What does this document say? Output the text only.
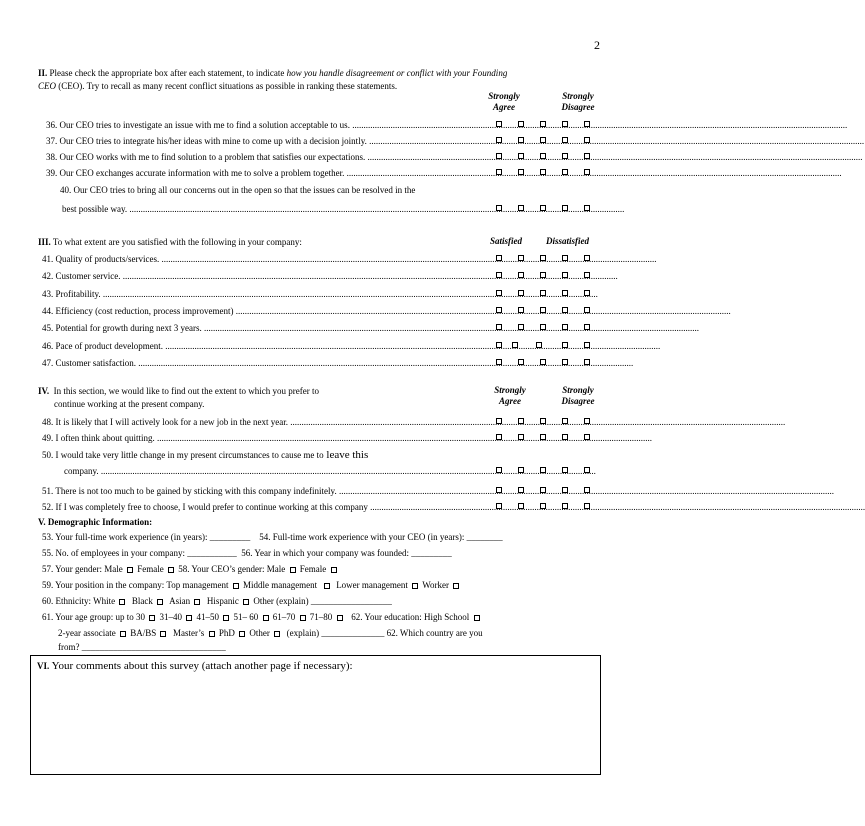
2
II. Please check the appropriate box after each statement, to indicate how you handle disagreement or conflict with your Founding
CEO (CEO). Try to recall as many recent conflict situations as possible in ranking these statements.
Strongly
Agree
Strongly
Disagree
36. Our CEO tries to investigate an issue with me to find a solution acceptable to us. ............................................................................................................................................................................................................................
37. Our CEO tries to integrate his/her ideas with mine to come up with a decision jointly. ............................................................................................................................................................................................................................
38. Our CEO works with me to find solution to a problem that satisfies our expectations. ............................................................................................................................................................................................................................
39. Our CEO exchanges accurate information with me to solve a problem together. ............................................................................................................................................................................................................................
40. Our CEO tries to bring all our concerns out in the open so that the issues can be resolved in the
best possible way. ............................................................................................................................................................................................................................
III. To what extent are you satisfied with the following in your company:	Satisfied	Dissatisfied
41. Quality of products/services. ............................................................................................................................................................................................................................
42. Customer service. ............................................................................................................................................................................................................................
43. Profitability. ............................................................................................................................................................................................................................
44. Efficiency (cost reduction, process improvement) ............................................................................................................................................................................................................................
45. Potential for growth during next 3 years. ............................................................................................................................................................................................................................
46. Pace of product development. ............................................................................................................................................................................................................................
47. Customer satisfaction. ............................................................................................................................................................................................................................
IV. In this section, we would like to find out the extent to which you prefer to
continue working at the present company.
Strongly
Agree
Strongly
Disagree
48. It is likely that I will actively look for a new job in the next year. ............................................................................................................................................................................................................................
49. I often think about quitting. ............................................................................................................................................................................................................................
50. I would take very little change in my present circumstances to cause me to leave this
company. ............................................................................................................................................................................................................................
51. There is not too much to be gained by sticking with this company indefinitely. ............................................................................................................................................................................................................................
52. If I was completely free to choose, I would prefer to continue working at this company ............................................................................................................................................................................................................................
V. Demographic Information:
53. Your full-time work experience (in years): _________ 54. Full-time work experience with your CEO (in years): ________
55. No. of employees in your company: ___________ 56. Year in which your company was founded: _________
57. Your gender: Male Female 58. Your CEO’s gender: Male Female
59. Your position in the company: Top management Middle management Lower management Worker
60. Ethnicity: White Black Asian Hispanic Other (explain) __________________
61. Your age group: up to 30 31–40 41–50 51– 60 61–70 71–80 62. Your education: High School
2-year associate BA/BS Master’s PhD Other (explain) ______________ 62. Which country are you
from? ________________________________
VI. Your comments about this survey (attach another page if necessary):
